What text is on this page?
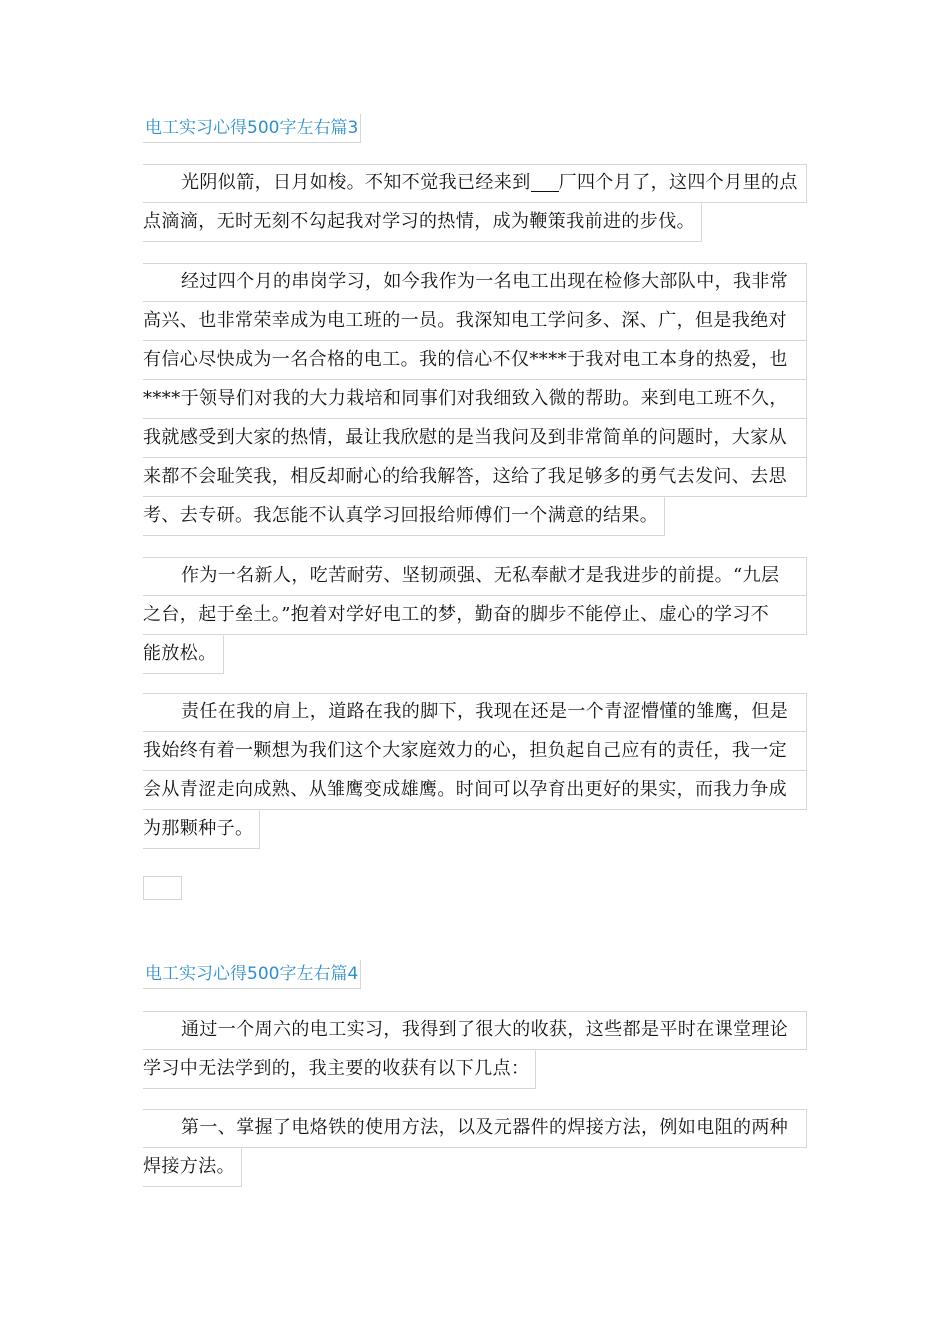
电工实习心得500字左右篇3
光阴似箭，日月如梭。不知不觉我已经来到 厂四个月了，这四个月里的点
点滴滴，无时无刻不勾起我对学习的热情，成为鞭策我前进的步伐。
经过四个月的串岗学习，如今我作为一名电工出现在检修大部队中，我非常
高兴、也非常荣幸成为电工班的一员。我深知电工学问多、深、广，但是我绝对
有信心尽快成为一名合格的电工。我的信心不仅****于我对电工本身的热爱，也
****于领导们对我的大力栽培和同事们对我细致入微的帮助。来到电工班不久，
我就感受到大家的热情，最让我欣慰的是当我问及到非常简单的问题时，大家从
来都不会耻笑我，相反却耐心的给我解答，这给了我足够多的勇气去发问、去思
考、去专研。我怎能不认真学习回报给师傅们一个满意的结果。
作为一名新人，吃苦耐劳、坚韧顽强、无私奉献才是我进步的前提。“九层
之台，起于垒土。”抱着对学好电工的梦，勤奋的脚步不能停止、虚心的学习不
能放松。
责任在我的肩上，道路在我的脚下，我现在还是一个青涩懵懂的雏鹰，但是
我始终有着一颗想为我们这个大家庭效力的心，担负起自己应有的责任，我一定
会从青涩走向成熟、从雏鹰变成雄鹰。时间可以孕育出更好的果实，而我力争成
为那颗种子。
电工实习心得500字左右篇4
通过一个周六的电工实习，我得到了很大的收获，这些都是平时在课堂理论
学习中无法学到的，我主要的收获有以下几点：
第一、掌握了电烙铁的使用方法，以及元器件的焊接方法，例如电阻的两种
焊接方法。
